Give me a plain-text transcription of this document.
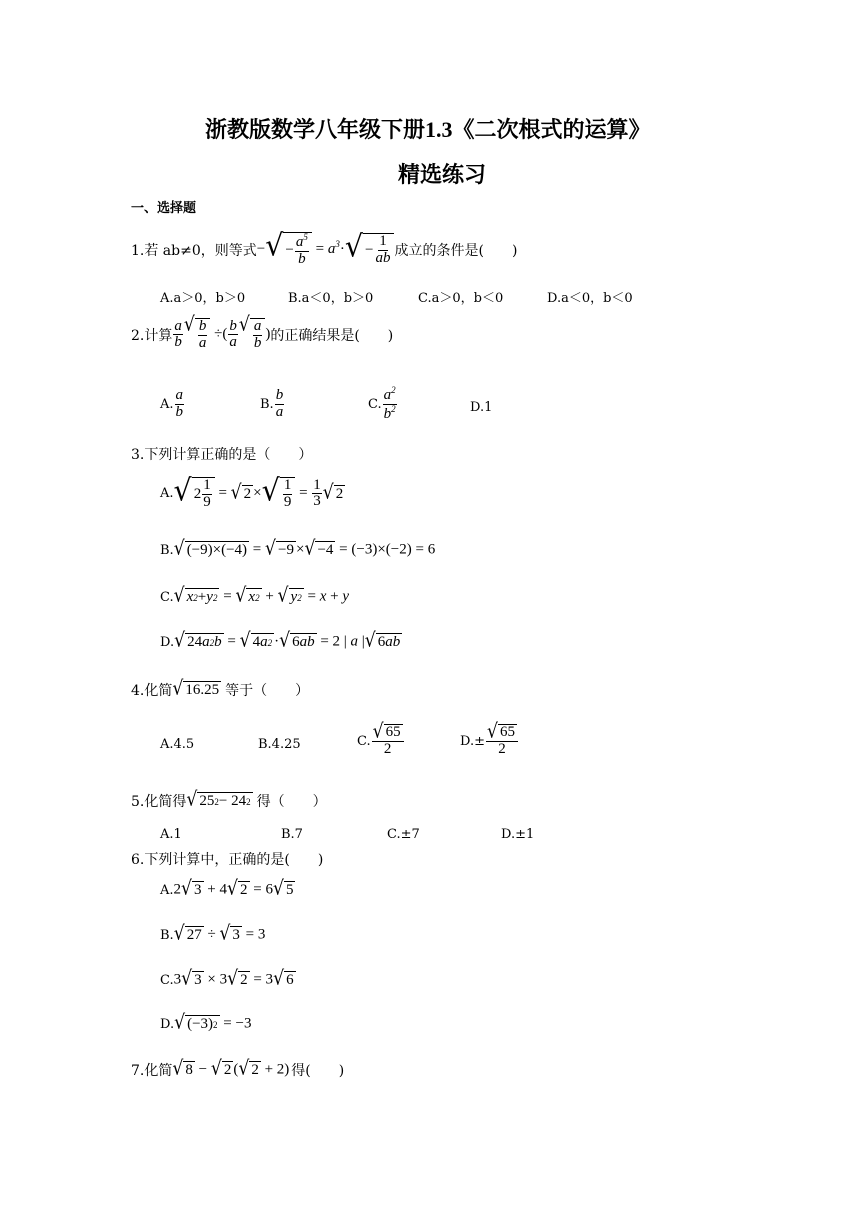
浙教版数学八年级下册1.3《二次根式的运算》
精选练习
一、选择题
1.若 ab≠0，则等式 − √ − $\frac{a^5}{b} = a^3\cdot$ √ − $\frac{1}{ab}$ 成立的条件是(　　)
A.a＞0，b＞0	B.a＜0，b＞0	C.a＞0，b＜0	D.a＜0，b＜0
2.计算 $\frac{a}{b}$ √ $\frac{b}{a}$ ÷( $\frac{b}{a}$ √ $\frac{a}{b}$ ) 的正确结果是(　　)
A. $\frac{a}{b}$	B. $\frac{b}{a}$	C. $\frac{a^2}{b^2}$	D.1
3.下列计算正确的是（　　）
A. √ $2 \frac{1}{9}$ = √ 2 × √ $\frac{1}{9} = \frac{1}{3}$ √ 2
B. √ (−9)×(−4) = √ −9 × √ −4 = (−3)×(−2) = 6
C. √ x 2 + y 2 = √ x 2 + √ y 2 = x + y
D. √ 24 a 2 b = √ 4 a 2 · √ 6 ab = 2 | a | √ 6 ab
4.化简 √ 16.25 等于（　　）
A.4.5	B.4.25	C. $\frac{√ 65}{2}$	$D.\pm \frac{√ 65}{2}$
5.化简得 √ 25 2 − 24 2 得（　　）
A.1	B.7	C.±7	D.±1
6.下列计算中，正确的是(　　)
A. 2 √ 3 + 4 √ 2 = 6 √ 5
B. √ 27 ÷ √ 3 = 3
C. 3 √ 3 × 3 √ 2 = 3 √ 6
D. √ (−3) 2 = −3
7.化简 √ 8 − √ 2 ( √ 2 + 2) 得(　　)
